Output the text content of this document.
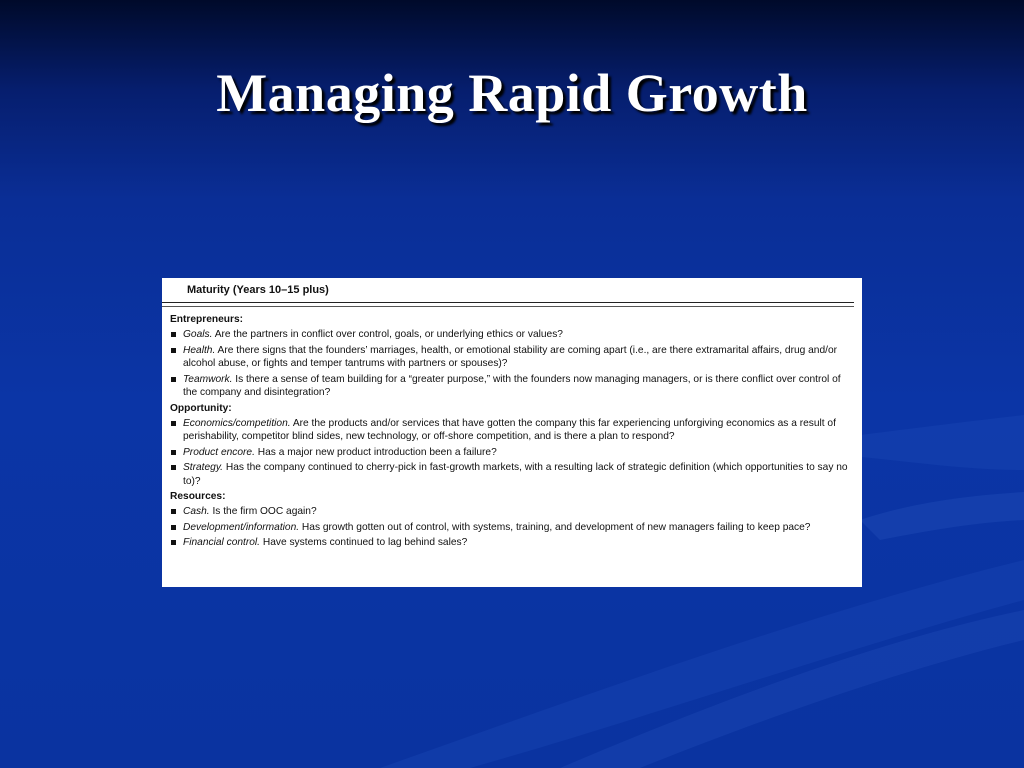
Managing Rapid Growth
Maturity (Years 10–15 plus)
Entrepreneurs:
Goals. Are the partners in conflict over control, goals, or underlying ethics or values?
Health. Are there signs that the founders’ marriages, health, or emotional stability are coming apart (i.e., are there extramarital affairs, drug and/or alcohol abuse, or fights and temper tantrums with partners or spouses)?
Teamwork. Is there a sense of team building for a “greater purpose,” with the founders now managing managers, or is there conflict over control of the company and disintegration?
Opportunity:
Economics/competition. Are the products and/or services that have gotten the company this far experiencing unforgiving economics as a result of perishability, competitor blind sides, new technology, or off-shore competition, and is there a plan to respond?
Product encore. Has a major new product introduction been a failure?
Strategy. Has the company continued to cherry-pick in fast-growth markets, with a resulting lack of strategic definition (which opportunities to say no to)?
Resources:
Cash. Is the firm OOC again?
Development/information. Has growth gotten out of control, with systems, training, and development of new managers failing to keep pace?
Financial control. Have systems continued to lag behind sales?
